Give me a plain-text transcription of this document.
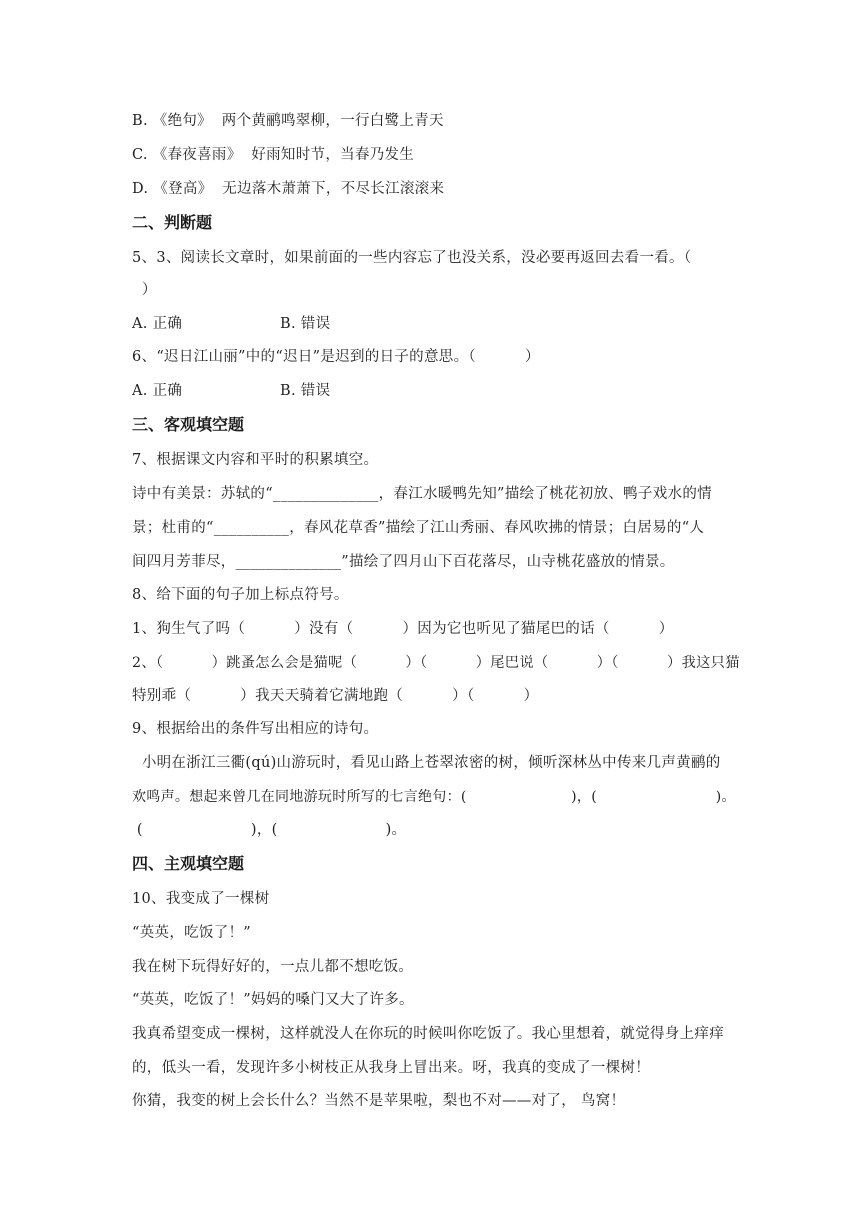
B. 《绝句》  两个黄鹂鸣翠柳，一行白鹭上青天

C. 《春夜喜雨》  好雨知时节，当春乃发生

D. 《登高》  无边落木萧萧下，不尽长江滚滚来

二、判断题

5、3、阅读长文章时，如果前面的一些内容忘了也没关系，没必要再返回去看一看。（

）

A. 正确	B. 错误

6、“迟日江山丽”中的“迟日”是迟到的日子的意思。（          ）

A. 正确	B. 错误

三、客观填空题

7、根据课文内容和平时的积累填空。

诗中有美景：苏轼的“______________，春江水暖鸭先知”描绘了桃花初放、鸭子戏水的情

景；杜甫的“__________，春风花草香”描绘了江山秀丽、春风吹拂的情景；白居易的“人

间四月芳菲尽，______________”描绘了四月山下百花落尽，山寺桃花盛放的情景。

8、给下面的句子加上标点符号。

1、狗生气了吗（          ）没有（          ）因为它也听见了猫尾巴的话（          ）

2、（          ）跳蚤怎么会是猫呢（          ）（          ）尾巴说（          ）（          ）我这只猫

特别乖（          ）我天天骑着它满地跑（          ）（          ）

9、根据给出的条件写出相应的诗句。

小明在浙江三衢(qú)山游玩时，看见山路上苍翠浓密的树，倾听深林丛中传来几声黄鹂的

欢鸣声。想起来曾几在同地游玩时所写的七言绝句：(                      )，(                         )。

(                      )，(                      )。

四、主观填空题

10、我变成了一棵树

“英英，吃饭了！”

我在树下玩得好好的，一点儿都不想吃饭。

“英英，吃饭了！”妈妈的嗓门又大了许多。

我真希望变成一棵树，这样就没人在你玩的时候叫你吃饭了。我心里想着，就觉得身上痒痒

的，低头一看，发现许多小树枝正从我身上冒出来。呀，我真的变成了一棵树！

你猜，我变的树上会长什么？当然不是苹果啦，梨也不对——对了， 鸟窝！
